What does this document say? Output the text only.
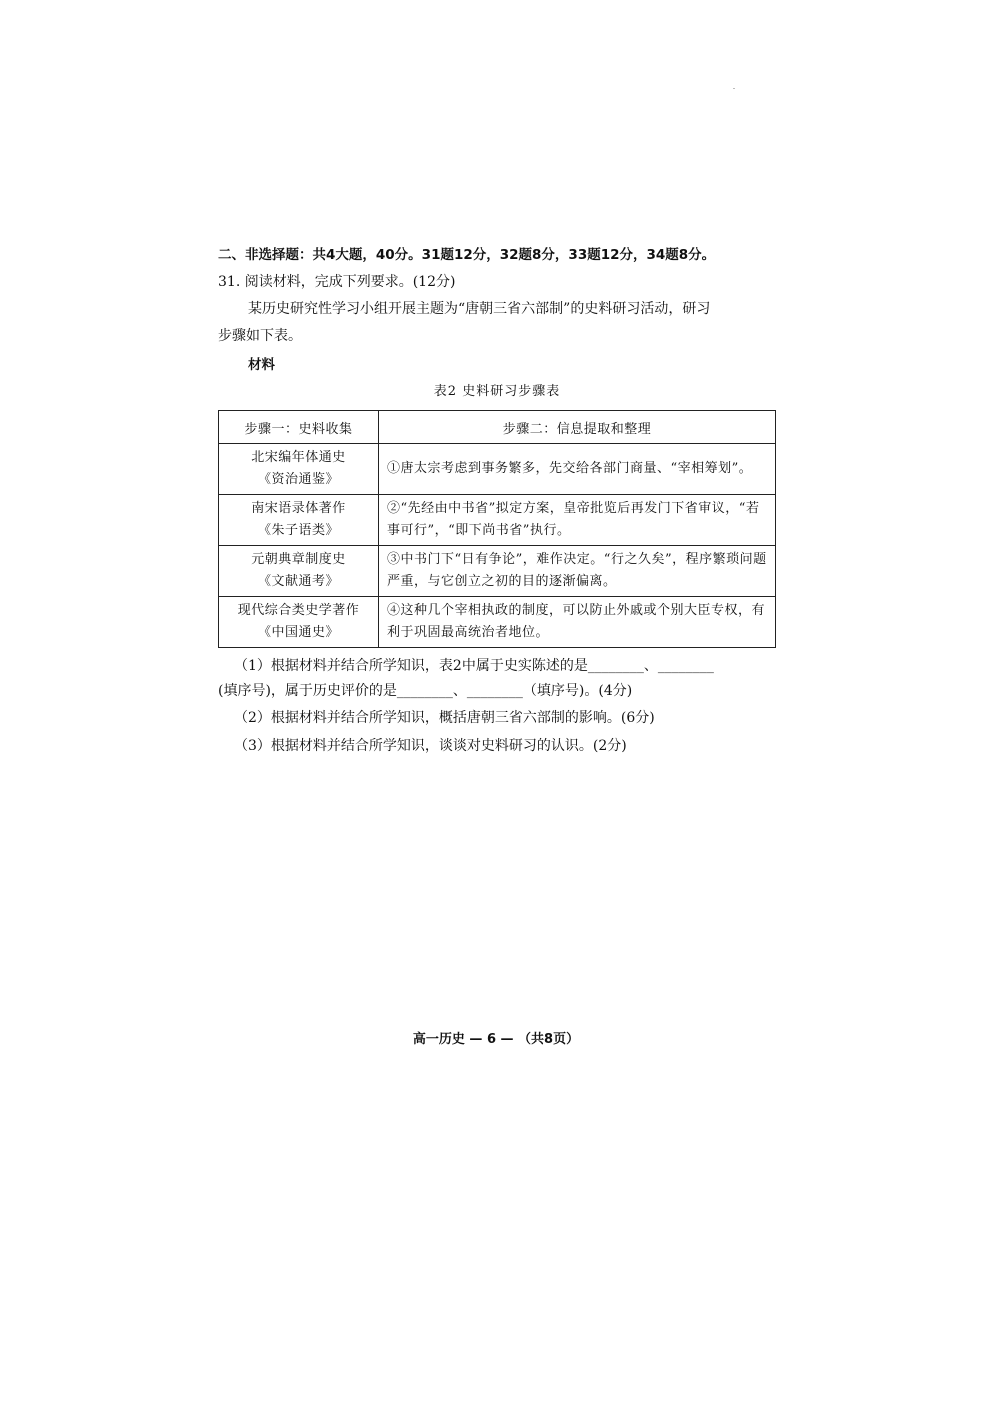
二、非选择题：共4大题，40分。31题12分，32题8分，33题12分，34题8分。
31. 阅读材料，完成下列要求。(12分)
某历史研究性学习小组开展主题为“唐朝三省六部制”的史料研习活动，研习
步骤如下表。
材料
表2 史料研习步骤表
步骤一：史料收集	步骤二：信息提取和整理

北宋编年体通史
《资治通鉴》	①唐太宗考虑到事务繁多，先交给各部门商量、“宰相筹划”。

南宋语录体著作
《朱子语类》	②“先经由中书省”拟定方案，皇帝批览后再发门下省审议，“若事可行”，“即下尚书省”执行。

元朝典章制度史
《文献通考》	③中书门下“日有争论”，难作决定。“行之久矣”，程序繁琐问题严重，与它创立之初的目的逐渐偏离。

现代综合类史学著作
《中国通史》	④这种几个宰相执政的制度，可以防止外戚或个别大臣专权，有利于巩固最高统治者地位。
（1）根据材料并结合所学知识，表2中属于史实陈述的是________、________
(填序号)，属于历史评价的是________、________（填序号)。(4分)
（2）根据材料并结合所学知识，概括唐朝三省六部制的影响。(6分)
（3）根据材料并结合所学知识，谈谈对史料研习的认识。(2分)
高一历史 — 6 — （共8页）
